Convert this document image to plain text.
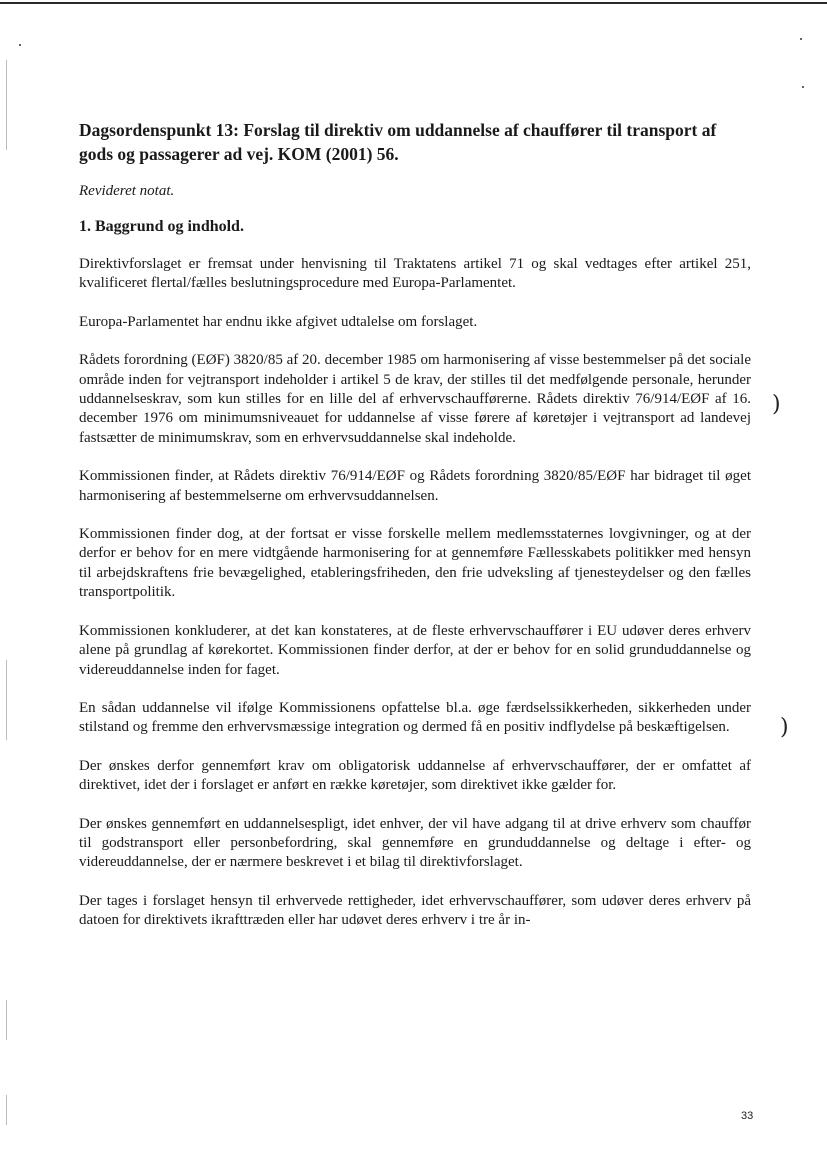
)
)
Dagsordenspunkt 13: Forslag til direktiv om uddannelse af chauffører til transport af gods og passagerer ad vej. KOM (2001) 56.
Revideret notat.
1. Baggrund og indhold.

Direktivforslaget er fremsat under henvisning til Traktatens artikel 71 og skal vedtages efter artikel 251, kvalificeret flertal/fælles beslutningsprocedure med Europa-Parlamentet.

Europa-Parlamentet har endnu ikke afgivet udtalelse om forslaget.

Rådets forordning (EØF) 3820/85 af 20. december 1985 om harmonisering af visse bestemmelser på det sociale område inden for vejtransport indeholder i artikel 5 de krav, der stilles til det medfølgende personale, herunder uddannelseskrav, som kun stilles for en lille del af erhvervschaufførerne. Rådets direktiv 76/914/EØF af 16. december 1976 om minimumsniveauet for uddannelse af visse førere af køretøjer i vejtransport ad landevej fastsætter de minimumskrav, som en erhvervsuddannelse skal indeholde.

Kommissionen finder, at Rådets direktiv 76/914/EØF og Rådets forordning 3820/85/EØF har bidraget til øget harmonisering af bestemmelserne om erhvervsuddannelsen.

Kommissionen finder dog, at der fortsat er visse forskelle mellem medlemsstaternes lovgivninger, og at der derfor er behov for en mere vidtgående harmonisering for at gennemføre Fællesskabets politikker med hensyn til arbejdskraftens frie bevægelighed, etableringsfriheden, den frie udveksling af tjenesteydelser og den fælles transportpolitik.

Kommissionen konkluderer, at det kan konstateres, at de fleste erhvervschauffører i EU udøver deres erhverv alene på grundlag af kørekortet. Kommissionen finder derfor, at der er behov for en solid grunduddannelse og videreuddannelse inden for faget.

En sådan uddannelse vil ifølge Kommissionens opfattelse bl.a. øge færdselssikkerheden, sikkerheden under stilstand og fremme den erhvervsmæssige integration og dermed få en positiv indflydelse på beskæftigelsen.

Der ønskes derfor gennemført krav om obligatorisk uddannelse af erhvervschauffører, der er omfattet af direktivet, idet der i forslaget er anført en række køretøjer, som direktivet ikke gælder for.

Der ønskes gennemført en uddannelsespligt, idet enhver, der vil have adgang til at drive erhverv som chauffør til godstransport eller personbefordring, skal gennemføre en grunduddannelse og deltage i efter- og videreuddannelse, der er nærmere beskrevet i et bilag til direktivforslaget.

Der tages i forslaget hensyn til erhvervede rettigheder, idet erhvervschauffører, som udøver deres erhverv på datoen for direktivets ikrafttræden eller har udøvet deres erhverv i tre år in-

33
